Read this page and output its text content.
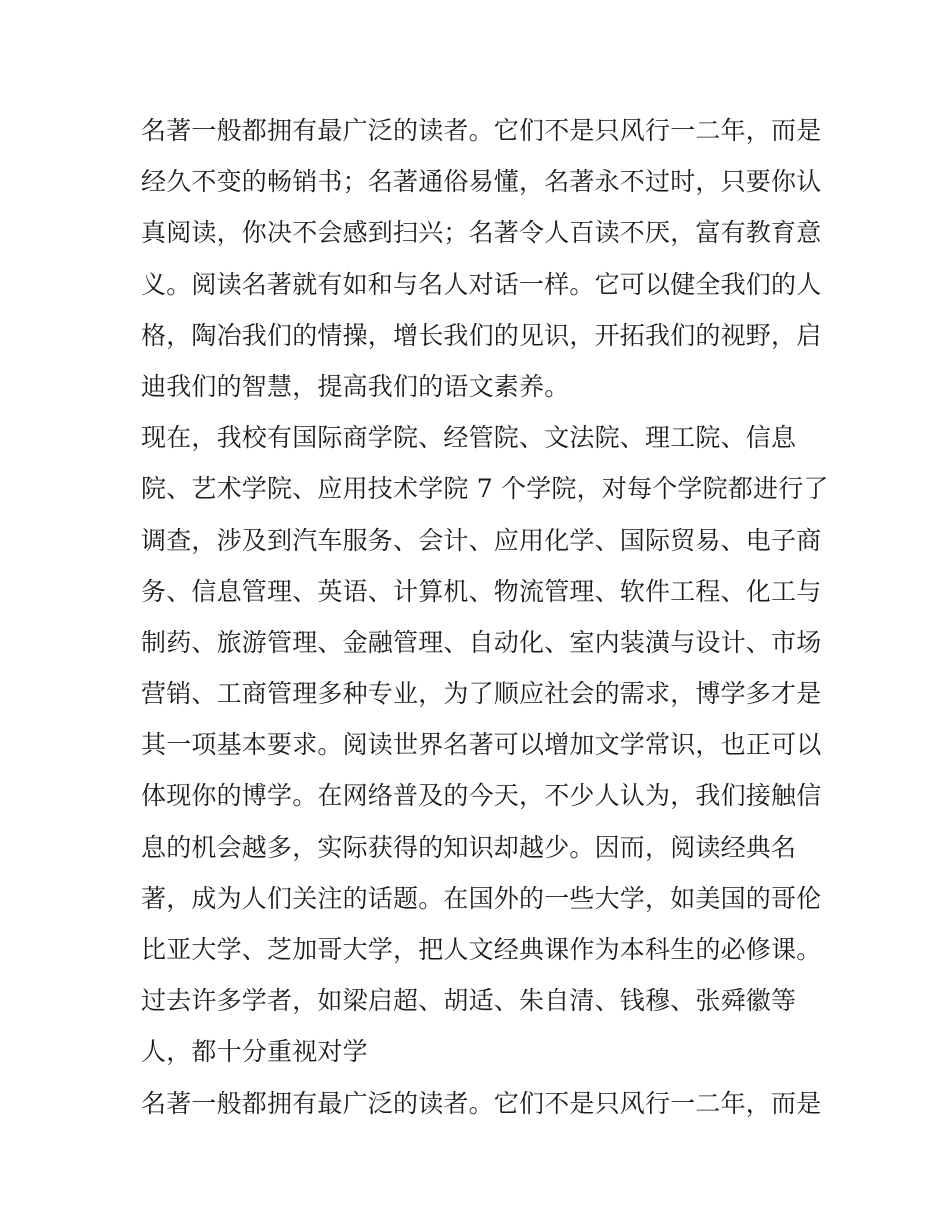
名著一般都拥有最广泛的读者。它们不是只风行一二年，而是
经久不变的畅销书；名著通俗易懂，名著永不过时，只要你认
真阅读，你决不会感到扫兴；名著令人百读不厌，富有教育意
义。阅读名著就有如和与名人对话一样。它可以健全我们的人
格，陶冶我们的情操，增长我们的见识，开拓我们的视野，启
迪我们的智慧，提高我们的语文素养。
现在，我校有国际商学院、经管院、文法院、理工院、信息
院、艺术学院、应用技术学院 7 个学院，对每个学院都进行了
调查，涉及到汽车服务、会计、应用化学、国际贸易、电子商
务、信息管理、英语、计算机、物流管理、软件工程、化工与
制药、旅游管理、金融管理、自动化、室内装潢与设计、市场
营销、工商管理多种专业，为了顺应社会的需求，博学多才是
其一项基本要求。阅读世界名著可以增加文学常识，也正可以
体现你的博学。在网络普及的今天，不少人认为，我们接触信
息的机会越多，实际获得的知识却越少。因而，阅读经典名
著，成为人们关注的话题。在国外的一些大学，如美国的哥伦
比亚大学、芝加哥大学，把人文经典课作为本科生的必修课。
过去许多学者，如梁启超、胡适、朱自清、钱穆、张舜徽等
人，都十分重视对学
名著一般都拥有最广泛的读者。它们不是只风行一二年，而是
